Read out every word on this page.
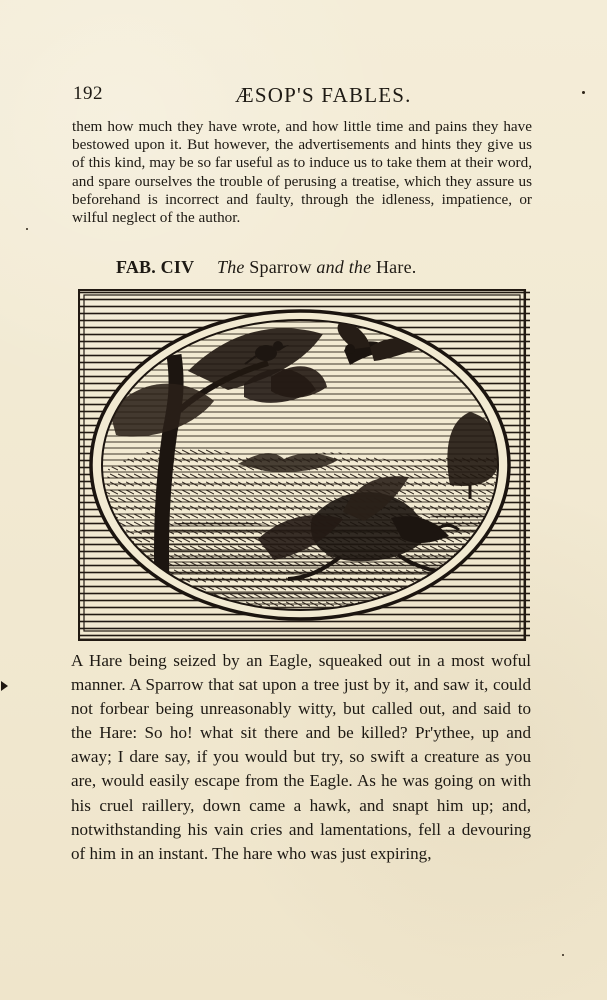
192	ÆSOP'S FABLES.

them how much they have wrote, and how little time and pains they have bestowed upon it. But however, the advertisements and hints they give us of this kind, may be so far useful as to induce us to take them at their word, and spare ourselves the trouble of perusing a treatise, which they assure us beforehand is incorrect and faulty, through the idleness, impatience, or wilful neglect of the author.

FAB. CIV The Sparrow and the Hare.

A Hare being seized by an Eagle, squeaked out in a most woful manner. A Sparrow that sat upon a tree just by it, and saw it, could not forbear being unreasonably witty, but called out, and said to the Hare: So ho! what sit there and be killed? Pr'ythee, up and away; I dare say, if you would but try, so swift a creature as you are, would easily escape from the Eagle. As he was going on with his cruel raillery, down came a hawk, and snapt him up; and, notwithstanding his vain cries and lamentations, fell a devouring of him in an instant. The hare who was just expiring,
